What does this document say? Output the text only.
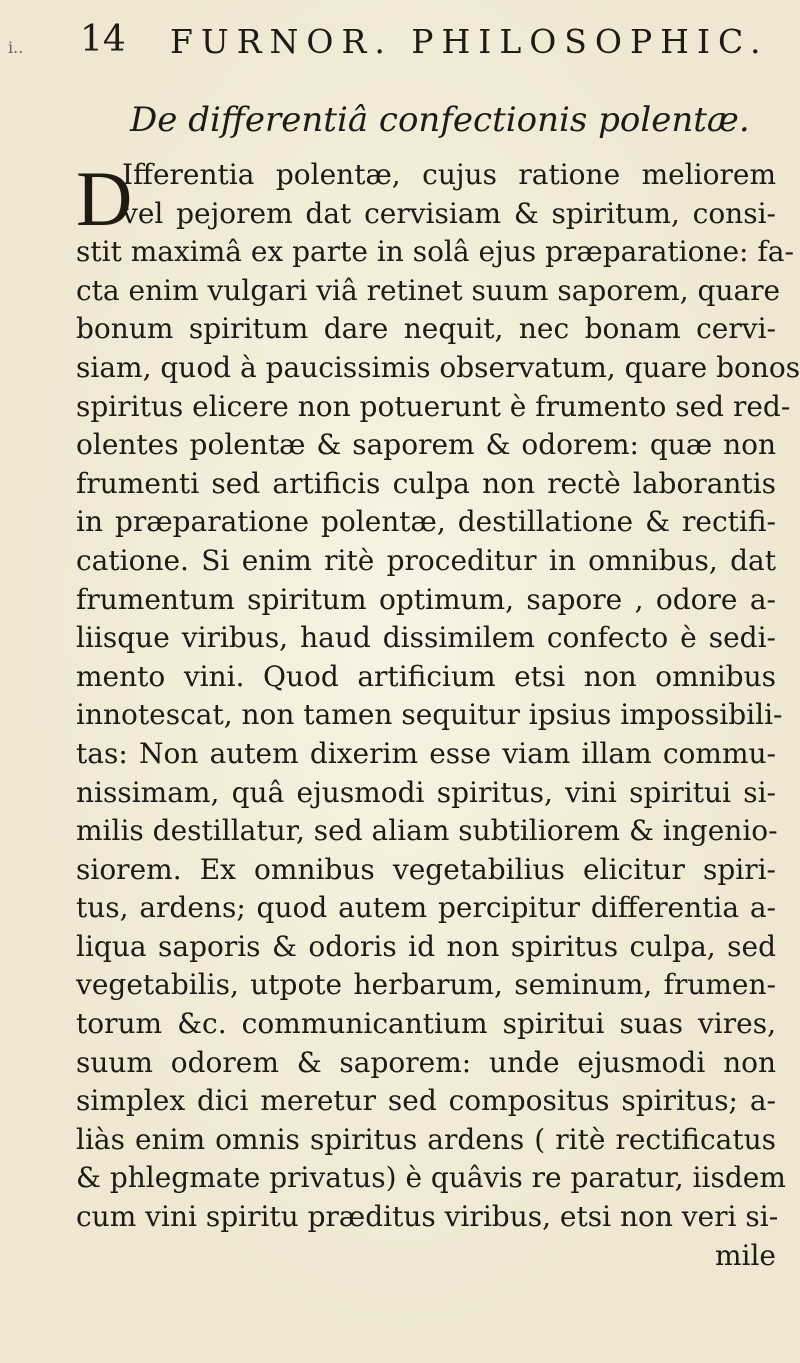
i.. 14 FURNOR. PHILOSOPHIC.
De differentiâ confectionis polentæ.
D
Ifferentia polentæ, cujus ratione meliorem
vel pejorem dat cervisiam & spiritum, consi-
stit maximâ ex parte in solâ ejus præparatione: fa-
cta enim vulgari viâ retinet suum saporem, quare
bonum spiritum dare nequit, nec bonam cervi-
siam, quod à paucissimis observatum, quare bonos
spiritus elicere non potuerunt è frumento sed red-
olentes polentæ & saporem & odorem: quæ non
frumenti sed artificis culpa non rectè laborantis
in præparatione polentæ, destillatione & rectifi-
catione. Si enim ritè proceditur in omnibus, dat
frumentum spiritum optimum, sapore , odore a-
liisque viribus, haud dissimilem confecto è sedi-
mento vini. Quod artificium etsi non omnibus
innotescat, non tamen sequitur ipsius impossibili-
tas: Non autem dixerim esse viam illam commu-
nissimam, quâ ejusmodi spiritus, vini spiritui si-
milis destillatur, sed aliam subtiliorem & ingenio-
siorem. Ex omnibus vegetabilius elicitur spiri-
tus, ardens; quod autem percipitur differentia a-
liqua saporis & odoris id non spiritus culpa, sed
vegetabilis, utpote herbarum, seminum, frumen-
torum &c. communicantium spiritui suas vires,
suum odorem & saporem: unde ejusmodi non
simplex dici meretur sed compositus spiritus; a-
liàs enim omnis spiritus ardens ( ritè rectificatus
& phlegmate privatus) è quâvis re paratur, iisdem
cum vini spiritu præditus viribus, etsi non veri si-
mile
